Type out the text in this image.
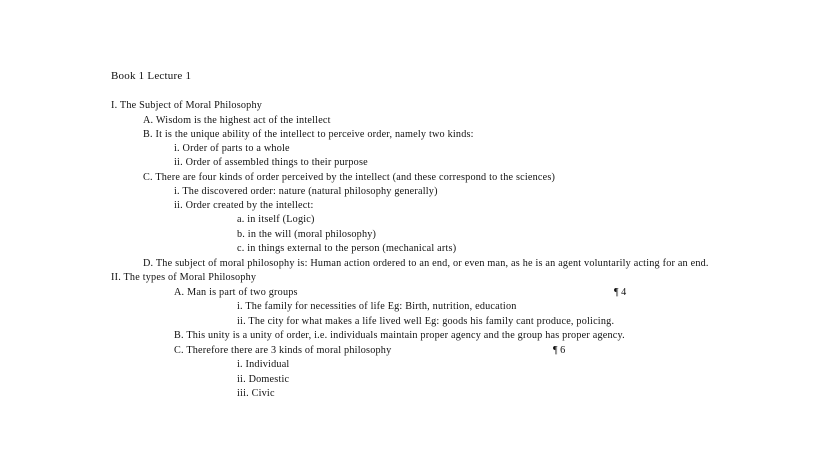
Book 1 Lecture 1
I. The Subject of Moral Philosophy
A. Wisdom is the highest act of the intellect
B. It is the unique ability of the intellect to perceive order, namely two kinds:
i. Order of parts to a whole
ii. Order of assembled things to their purpose
C. There are four kinds of order perceived by the intellect (and these correspond to the sciences)
i. The discovered order: nature (natural philosophy generally)
ii. Order created by the intellect:
a. in itself (Logic)
b. in the will (moral philosophy)
c. in things external to the person (mechanical arts)
D. The subject of moral philosophy is: Human action ordered to an end, or even man, as he is an agent voluntarily acting for an end.
II. The types of Moral Philosophy
A. Man is part of two groups	¶ 4
i. The family for necessities of life Eg: Birth, nutrition, education
ii. The city for what makes a life lived well Eg: goods his family cant produce, policing.
B. This unity is a unity of order, i.e. individuals maintain proper agency and the group has proper agency.
C. Therefore there are 3 kinds of moral philosophy	¶ 6
i. Individual
ii. Domestic
iii. Civic
